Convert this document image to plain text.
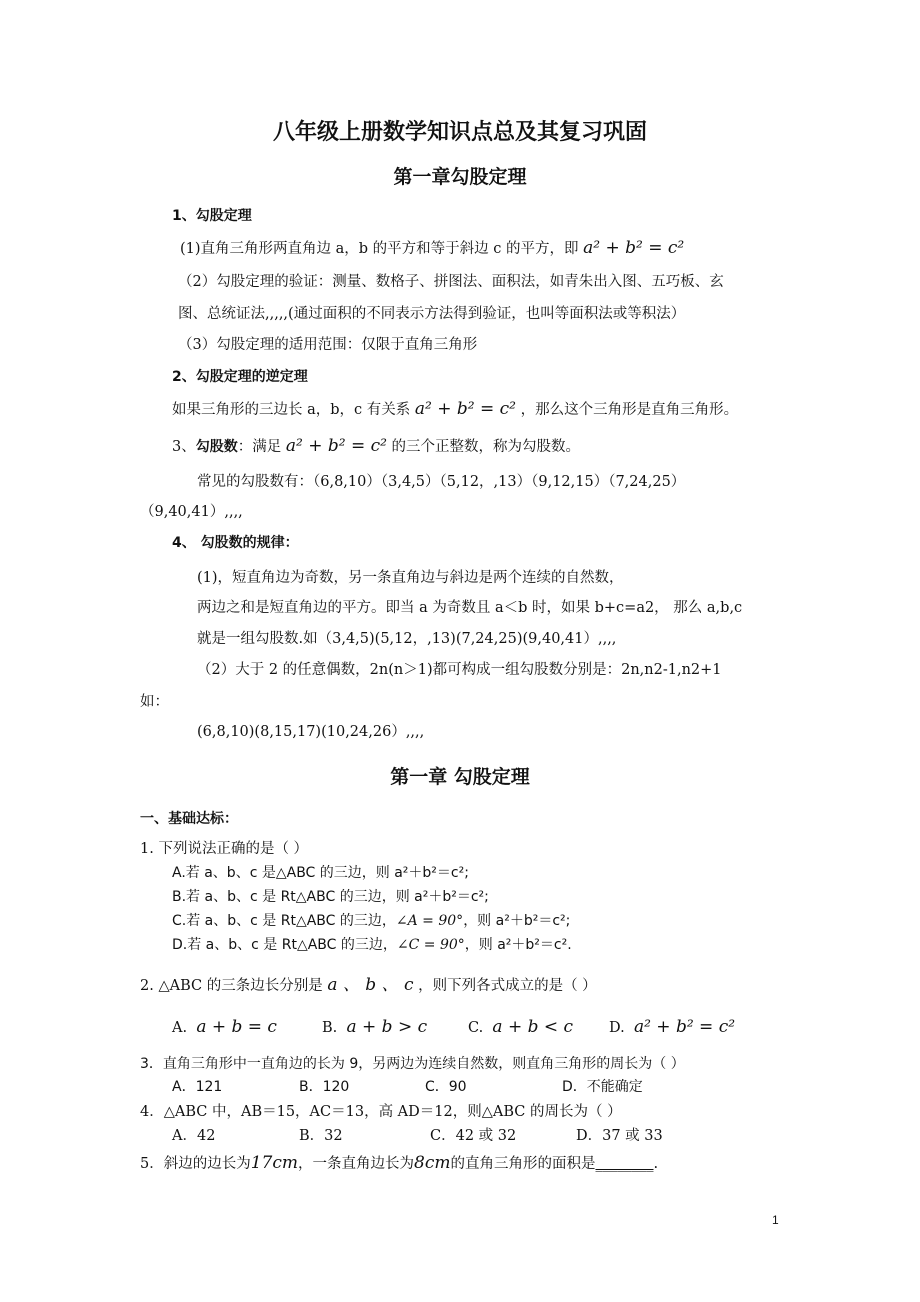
八年级上册数学知识点总及其复习巩固
第一章勾股定理
1、勾股定理
(1)直角三角形两直角边 a，b 的平方和等于斜边 c 的平方，即 a² + b² = c²
（2）勾股定理的验证：测量、数格子、拼图法、面积法，如青朱出入图、五巧板、玄
图、总统证法,,,,,(通过面积的不同表示方法得到验证，也叫等面积法或等积法）
（3）勾股定理的适用范围：仅限于直角三角形
2、勾股定理的逆定理
如果三角形的三边长 a，b，c 有关系 a² + b² = c² ，那么这个三角形是直角三角形。
3、勾股数：满足 a² + b² = c² 的三个正整数，称为勾股数。
常见的勾股数有：（6,8,10）（3,4,5）（5,12，,13）（9,12,15）（7,24,25）
（9,40,41）,,,,
4、 勾股数的规律：
(1)，短直角边为奇数，另一条直角边与斜边是两个连续的自然数，
两边之和是短直角边的平方。即当 a 为奇数且 a＜b 时，如果 b+c=a2， 那么 a,b,c
就是一组勾股数.如（3,4,5)(5,12，,13)(7,24,25)(9,40,41）,,,,
（2）大于 2 的任意偶数，2n(n＞1)都可构成一组勾股数分别是：2n,n2-1,n2+1
如：
(6,8,10)(8,15,17)(10,24,26）,,,,
第一章 勾股定理
一、基础达标：
1. 下列说法正确的是（ ）
A.若 a、b、c 是△ABC 的三边，则 a²＋b²＝c²;
B.若 a、b、c 是 Rt△ABC 的三边，则 a²＋b²＝c²;
C.若 a、b、c 是 Rt△ABC 的三边，∠A = 90°，则 a²＋b²＝c²;
D.若 a、b、c 是 Rt△ABC 的三边，∠C = 90°，则 a²＋b²＝c².
2. △ABC 的三条边长分别是 a 、 b 、 c ，则下列各式成立的是（ ）
A. a + b = c	B. a + b > c	C. a + b < c D. a² + b² = c²
3．直角三角形中一直角边的长为 9，另两边为连续自然数，则直角三角形的周长为（ ）
A．121	B．120	C．90	D．不能确定
4．△ABC 中，AB＝15，AC＝13，高 AD＝12，则△ABC 的周长为（ ）
A．42	B．32	C．42 或 32	D．37 或 33
5．斜边的边长为17cm，一条直角边长为8cm的直角三角形的面积是________.
1
